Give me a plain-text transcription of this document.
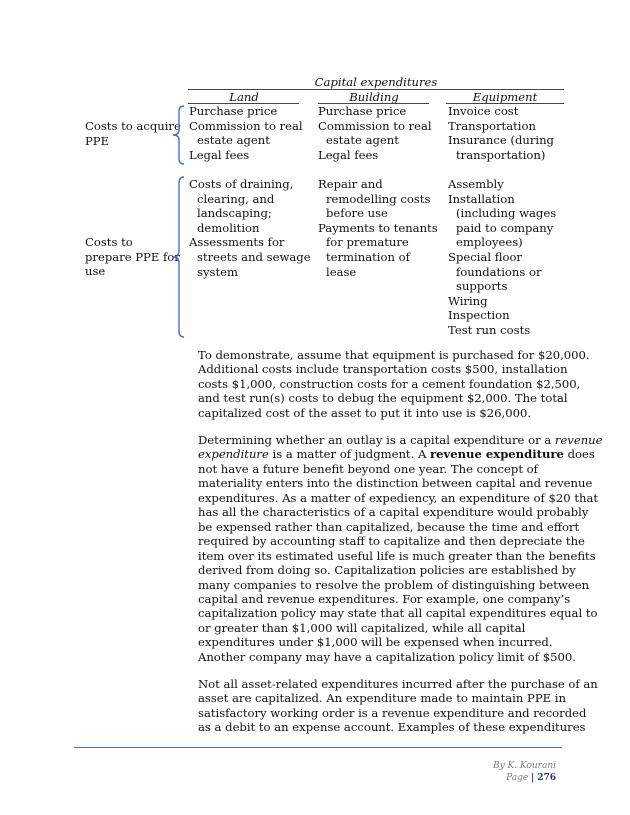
Capital expenditures
Land	Building	Equipment
Costs to acquire
PPE
Costs to
prepare PPE for
use
Purchase price
Commission to real
estate agent
Legal fees
Purchase price
Commission to real
estate agent
Legal fees
Invoice cost
Transportation
Insurance (during
transportation)
Costs of draining,
clearing, and
landscaping;
demolition
Assessments for
streets and sewage
system
Repair and
remodelling costs
before use
Payments to tenants
for premature
termination of
lease
Assembly
Installation
(including wages
paid to company
employees)
Special floor
foundations or
supports
Wiring
Inspection
Test run costs
To demonstrate, assume that equipment is purchased for $20,000.
Additional costs include transportation costs $500, installation
costs $1,000, construction costs for a cement foundation $2,500,
and test run(s) costs to debug the equipment $2,000. The total
capitalized cost of the asset to put it into use is $26,000.
Determining whether an outlay is a capital expenditure or a revenue
expenditure is a matter of judgment. A revenue expenditure does
not have a future benefit beyond one year. The concept of
materiality enters into the distinction between capital and revenue
expenditures. As a matter of expediency, an expenditure of $20 that
has all the characteristics of a capital expenditure would probably
be expensed rather than capitalized, because the time and effort
required by accounting staff to capitalize and then depreciate the
item over its estimated useful life is much greater than the benefits
derived from doing so. Capitalization policies are established by
many companies to resolve the problem of distinguishing between
capital and revenue expenditures. For example, one company’s
capitalization policy may state that all capital expenditures equal to
or greater than $1,000 will capitalized, while all capital
expenditures under $1,000 will be expensed when incurred.
Another company may have a capitalization policy limit of $500.
Not all asset-related expenditures incurred after the purchase of an
asset are capitalized. An expenditure made to maintain PPE in
satisfactory working order is a revenue expenditure and recorded
as a debit to an expense account. Examples of these expenditures
By K. Kourani
Page | 276
